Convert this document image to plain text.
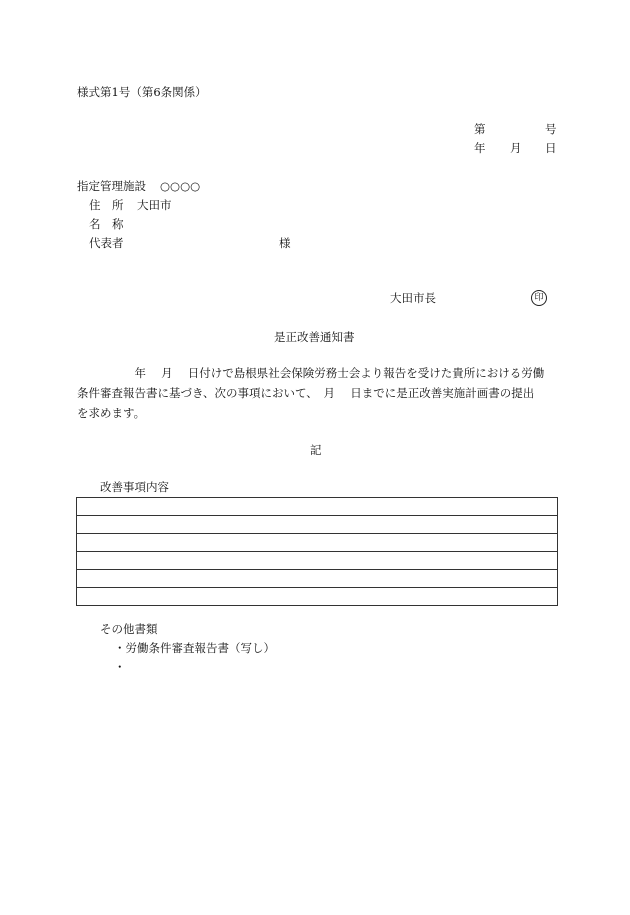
様式第1号（第6条関係）
第	号
年 月 日
指定管理施設 ○○○○
住　所 大田市
名　称
代表者	様
大田市長	印
是正改善通知書
　　　　　年　 月　 日付けで島根県社会保険労務士会より報告を受けた貴所における労働
条件審査報告書に基づき、次の事項において、　月　 日までに是正改善実施計画書の提出
を求めます。
記
改善事項内容
その他書類
・労働条件審査報告書（写し）
・
